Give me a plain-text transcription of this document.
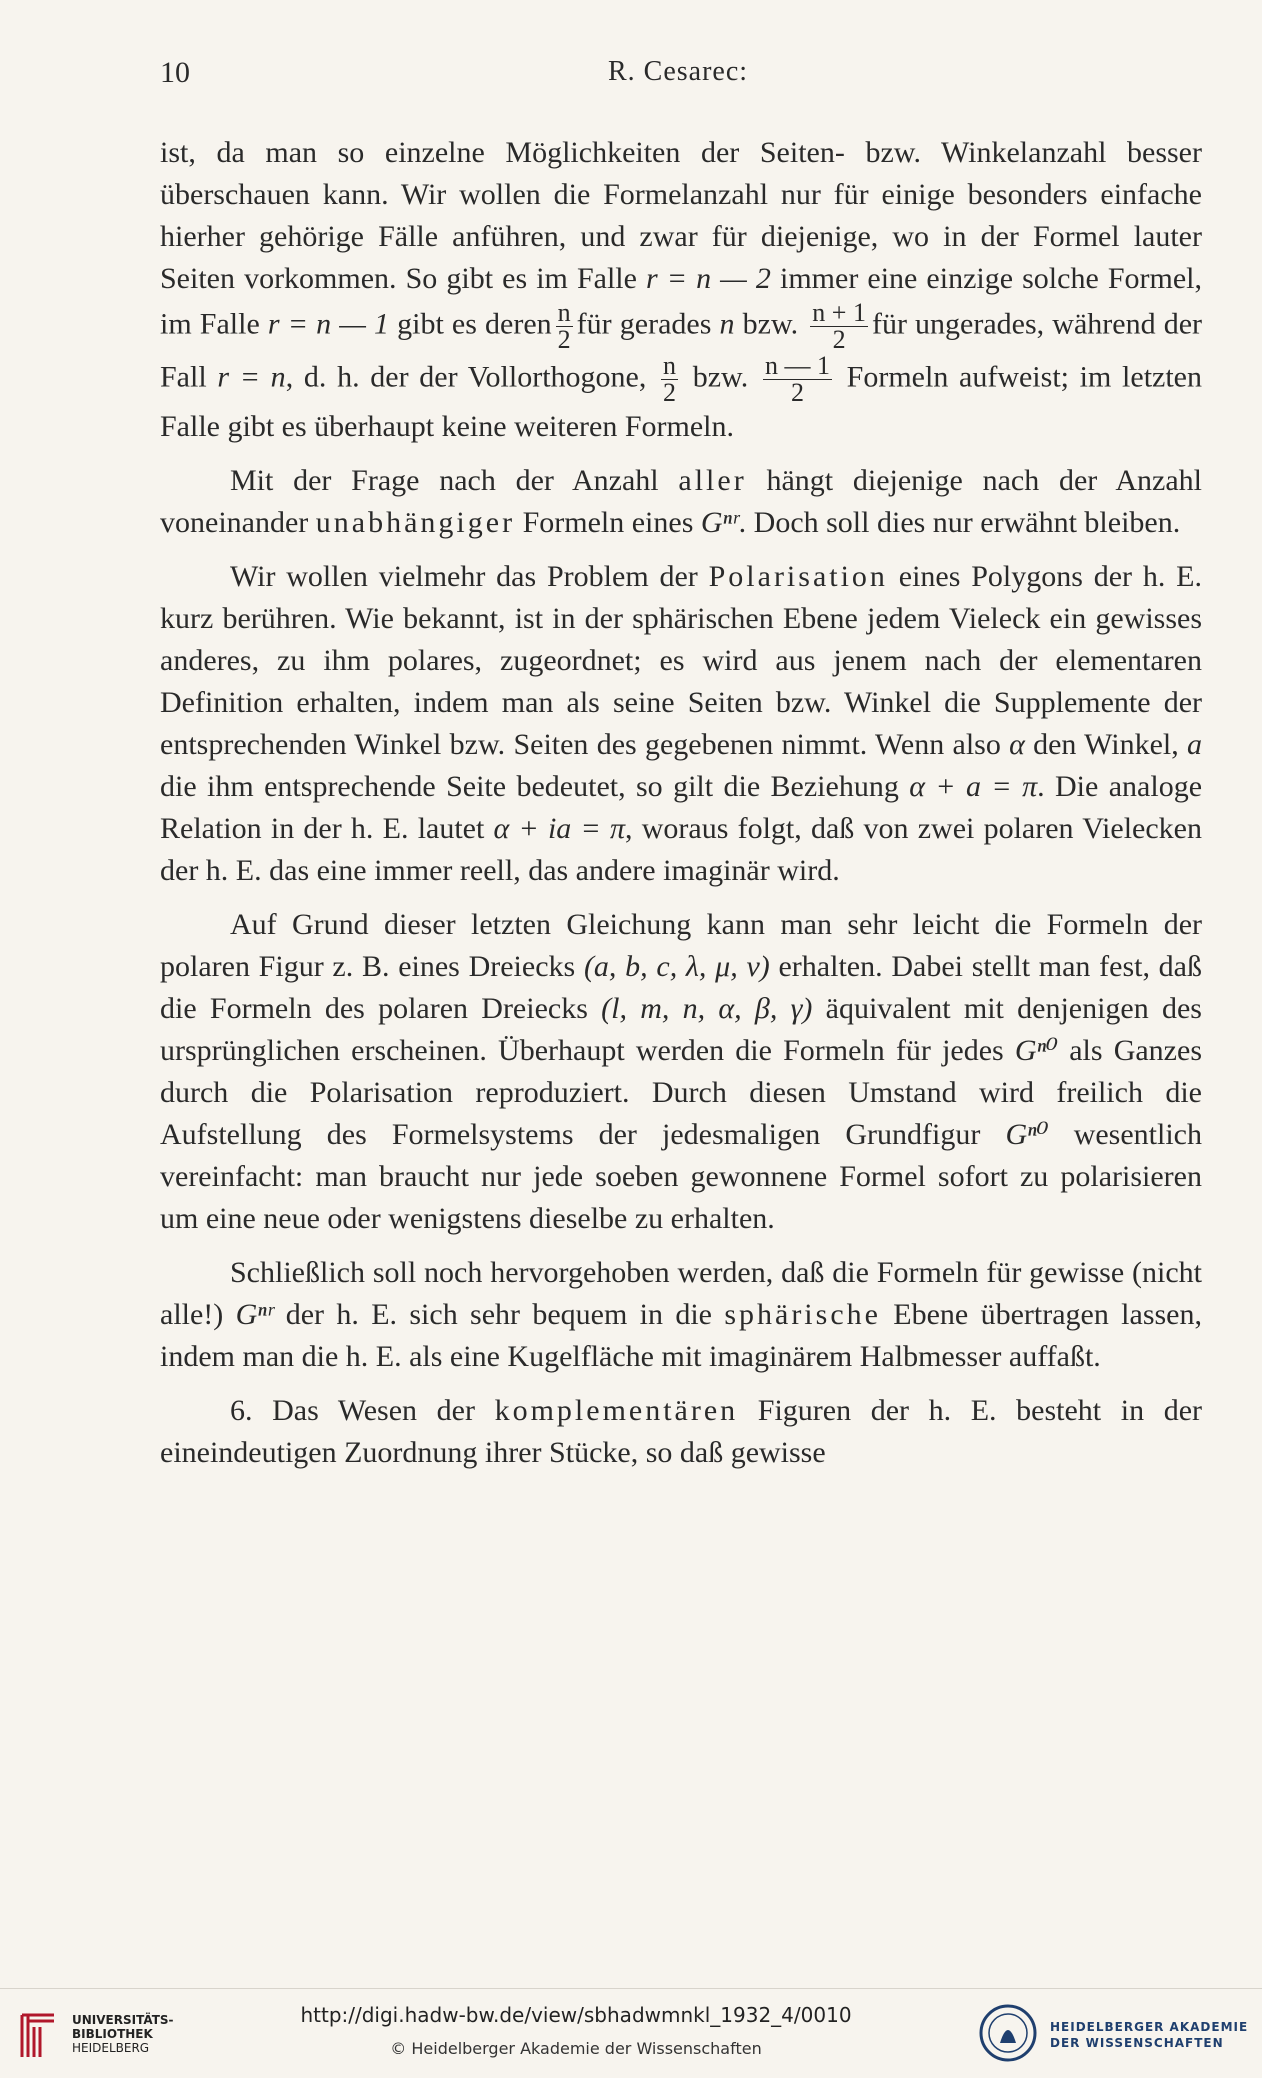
10	R. Cesarec:

ist, da man so einzelne Möglichkeiten der Seiten- bzw. Winkelanzahl besser überschauen kann. Wir wollen die Formelanzahl nur für einige besonders einfache hierher gehörige Fälle anführen, und zwar für diejenige, wo in der Formel lauter Seiten vorkommen. So gibt es im Falle r = n — 2 immer eine einzige solche Formel, im Falle r = n — 1 gibt es deren $\frac{n}{2}$ für gerades n bzw. $\frac{n + 1}{2}$ für ungerades, während der Fall r = n, d. h. der der Vollorthogone, $\frac{n}{2}$ bzw. $\frac{n — 1}{2}$ Formeln aufweist; im letzten Falle gibt es überhaupt keine weiteren Formeln.

Mit der Frage nach der Anzahl aller hängt diejenige nach der Anzahl voneinander unabhängiger Formeln eines Gⁿʳ. Doch soll dies nur erwähnt bleiben.

Wir wollen vielmehr das Problem der Polarisation eines Polygons der h. E. kurz berühren. Wie bekannt, ist in der sphärischen Ebene jedem Vieleck ein gewisses anderes, zu ihm polares, zugeordnet; es wird aus jenem nach der elementaren Definition erhalten, indem man als seine Seiten bzw. Winkel die Supplemente der entsprechenden Winkel bzw. Seiten des gegebenen nimmt. Wenn also α den Winkel, a die ihm entsprechende Seite bedeutet, so gilt die Beziehung α + a = π. Die analoge Relation in der h. E. lautet α + ia = π, woraus folgt, daß von zwei polaren Vielecken der h. E. das eine immer reell, das andere imaginär wird.

Auf Grund dieser letzten Gleichung kann man sehr leicht die Formeln der polaren Figur z. B. eines Dreiecks (a, b, c, λ, μ, ν) erhalten. Dabei stellt man fest, daß die Formeln des polaren Dreiecks (l, m, n, α, β, γ) äquivalent mit denjenigen des ursprünglichen erscheinen. Überhaupt werden die Formeln für jedes Gⁿ⁰ als Ganzes durch die Polarisation reproduziert. Durch diesen Umstand wird freilich die Aufstellung des Formelsystems der jedesmaligen Grundfigur Gⁿ⁰ wesentlich vereinfacht: man braucht nur jede soeben gewonnene Formel sofort zu polarisieren um eine neue oder wenigstens dieselbe zu erhalten.

Schließlich soll noch hervorgehoben werden, daß die Formeln für gewisse (nicht alle!) Gⁿʳ der h. E. sich sehr bequem in die sphärische Ebene übertragen lassen, indem man die h. E. als eine Kugelfläche mit imaginärem Halbmesser auffaßt.

6. Das Wesen der komplementären Figuren der h. E. besteht in der eineindeutigen Zuordnung ihrer Stücke, so daß gewisse

UNIVERSITÄTS-
BIBLIOTHEK
HEIDELBERG
http://digi.hadw-bw.de/view/sbhadwmnkl_1932_4/0010
© Heidelberger Akademie der Wissenschaften
HEIDELBERGER AKADEMIE
DER WISSENSCHAFTEN
